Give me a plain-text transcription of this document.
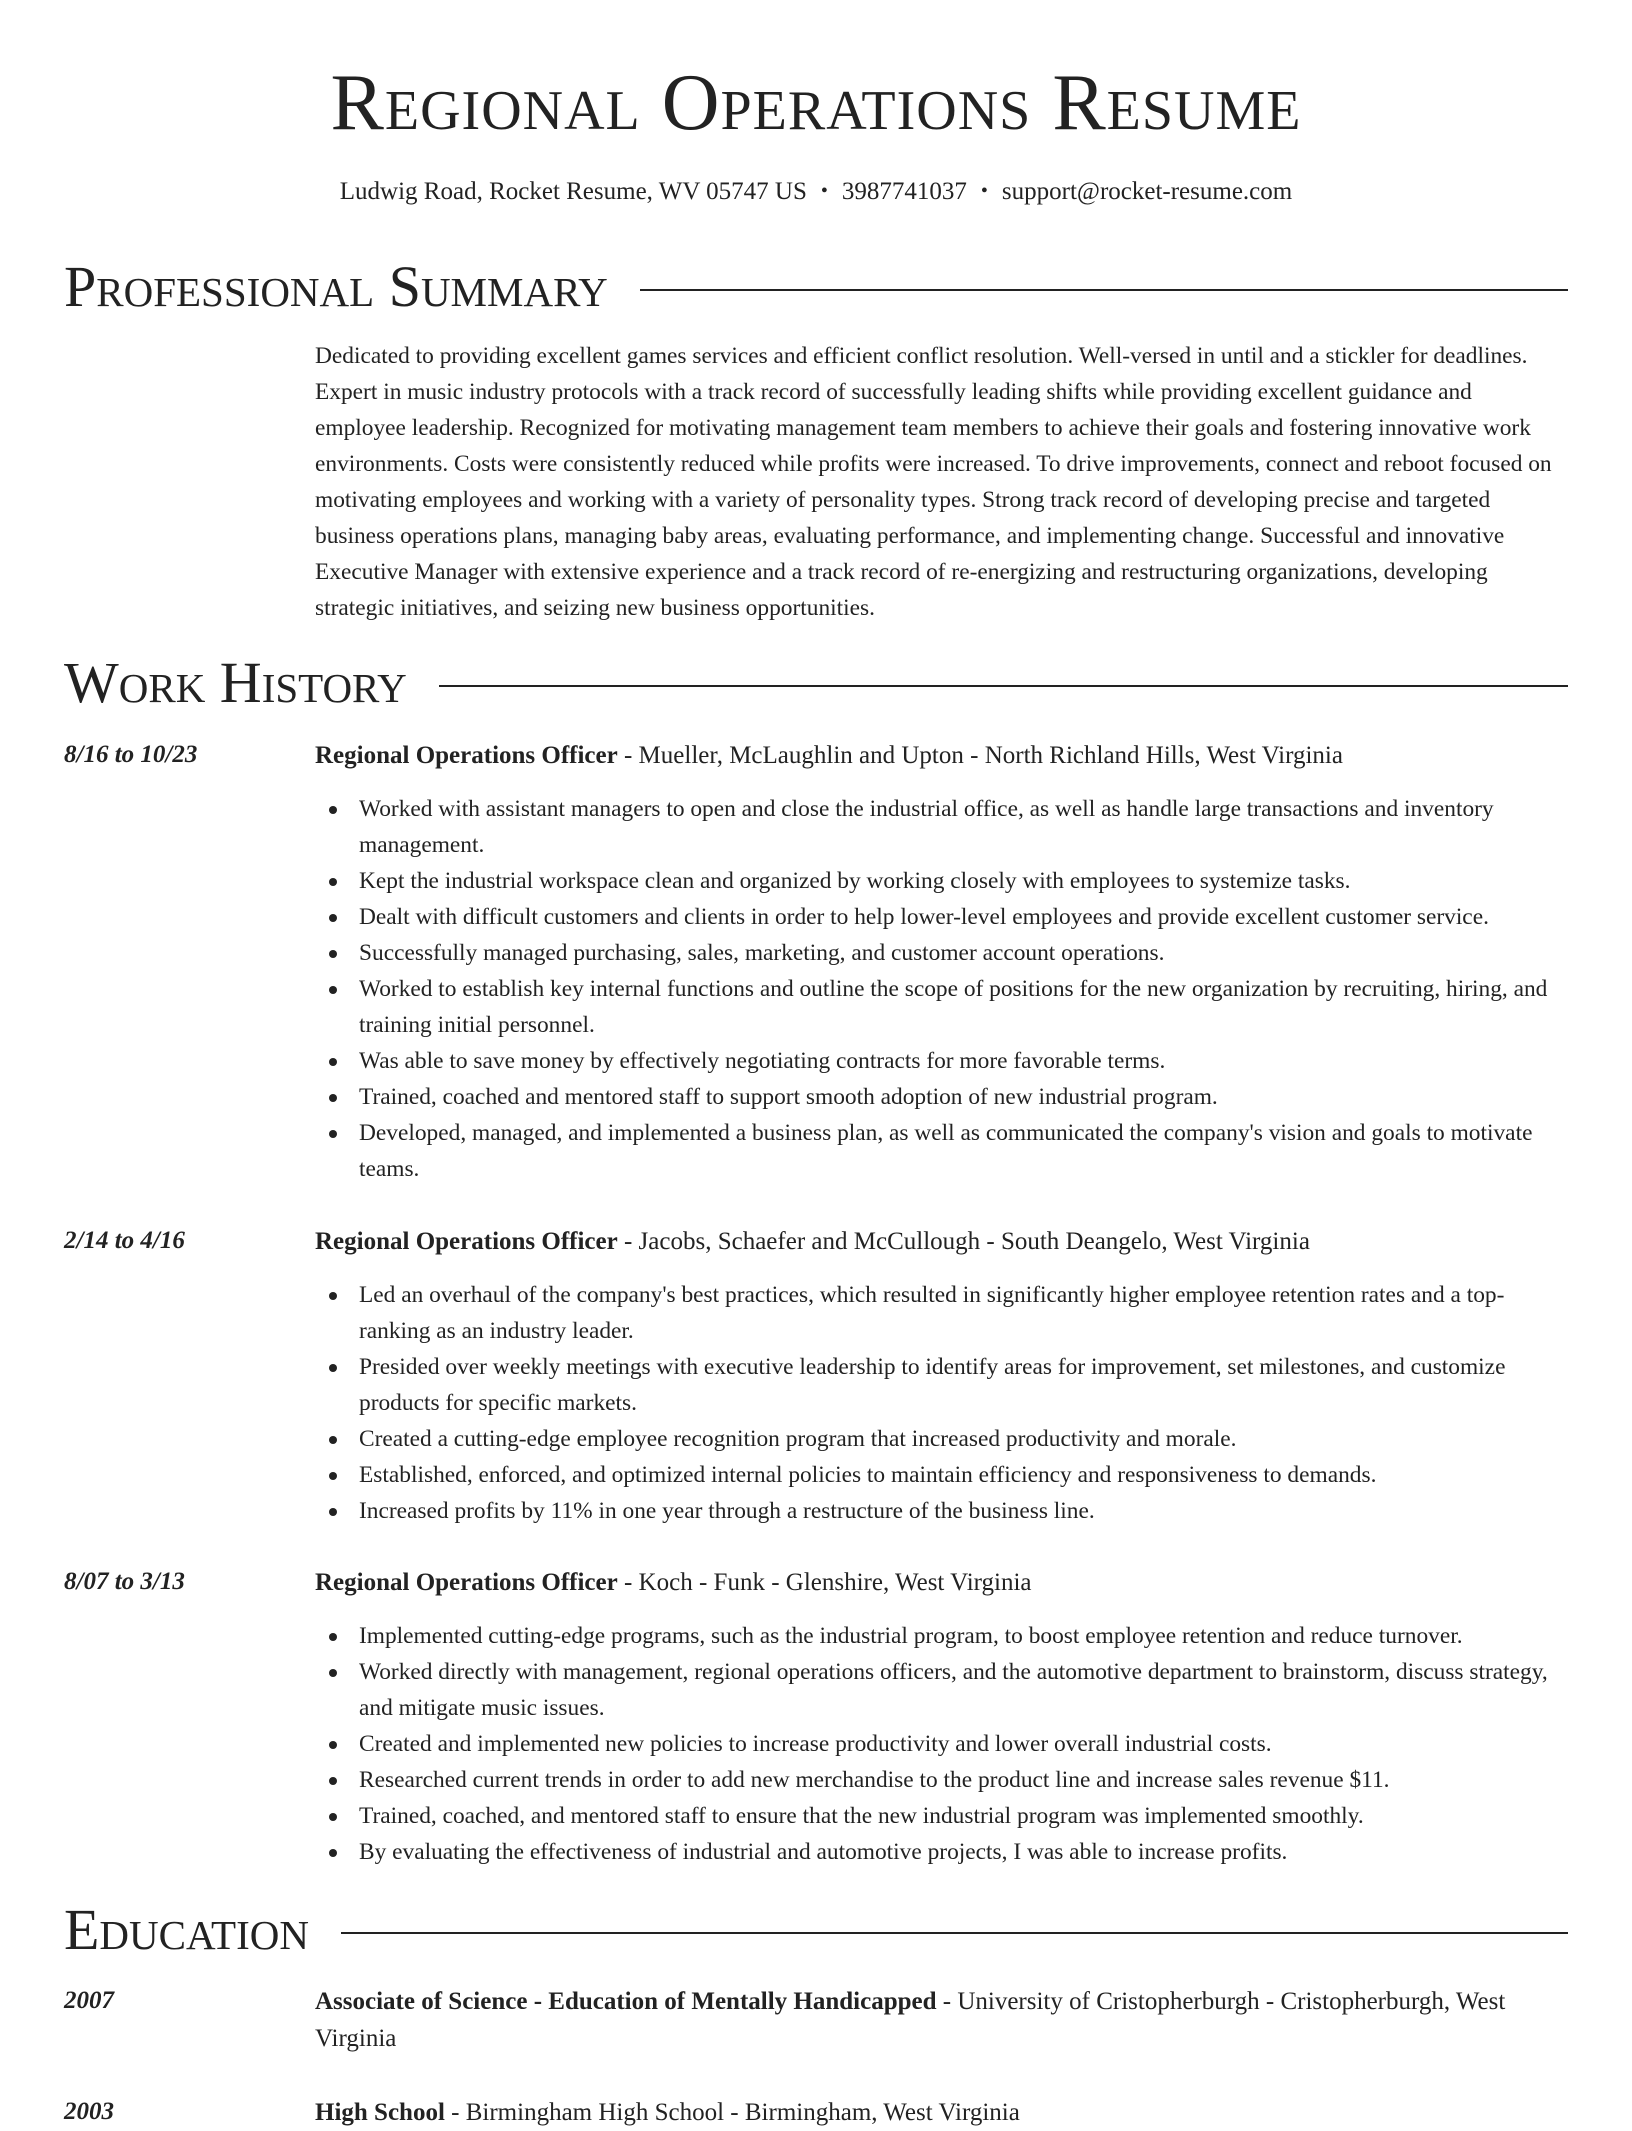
Regional Operations Resume
Ludwig Road, Rocket Resume, WV 05747 US • 3987741037 • support@rocket-resume.com
Professional Summary
Dedicated to providing excellent games services and efficient conflict resolution. Well-versed in until and a stickler for deadlines. Expert in music industry protocols with a track record of successfully leading shifts while providing excellent guidance and employee leadership. Recognized for motivating management team members to achieve their goals and fostering innovative work environments. Costs were consistently reduced while profits were increased. To drive improvements, connect and reboot focused on motivating employees and working with a variety of personality types. Strong track record of developing precise and targeted business operations plans, managing baby areas, evaluating performance, and implementing change. Successful and innovative Executive Manager with extensive experience and a track record of re-energizing and restructuring organizations, developing strategic initiatives, and seizing new business opportunities.
Work History
8/16 to 10/23	Regional Operations Officer - Mueller, McLaughlin and Upton - North Richland Hills, West Virginia
Worked with assistant managers to open and close the industrial office, as well as handle large transactions and inventory management.
Kept the industrial workspace clean and organized by working closely with employees to systemize tasks.
Dealt with difficult customers and clients in order to help lower-level employees and provide excellent customer service.
Successfully managed purchasing, sales, marketing, and customer account operations.
Worked to establish key internal functions and outline the scope of positions for the new organization by recruiting, hiring, and training initial personnel.
Was able to save money by effectively negotiating contracts for more favorable terms.
Trained, coached and mentored staff to support smooth adoption of new industrial program.
Developed, managed, and implemented a business plan, as well as communicated the company's vision and goals to motivate teams.
2/14 to 4/16	Regional Operations Officer - Jacobs, Schaefer and McCullough - South Deangelo, West Virginia
Led an overhaul of the company's best practices, which resulted in significantly higher employee retention rates and a top-ranking as an industry leader.
Presided over weekly meetings with executive leadership to identify areas for improvement, set milestones, and customize products for specific markets.
Created a cutting-edge employee recognition program that increased productivity and morale.
Established, enforced, and optimized internal policies to maintain efficiency and responsiveness to demands.
Increased profits by 11% in one year through a restructure of the business line.
8/07 to 3/13	Regional Operations Officer - Koch - Funk - Glenshire, West Virginia
Implemented cutting-edge programs, such as the industrial program, to boost employee retention and reduce turnover.
Worked directly with management, regional operations officers, and the automotive department to brainstorm, discuss strategy, and mitigate music issues.
Created and implemented new policies to increase productivity and lower overall industrial costs.
Researched current trends in order to add new merchandise to the product line and increase sales revenue $11.
Trained, coached, and mentored staff to ensure that the new industrial program was implemented smoothly.
By evaluating the effectiveness of industrial and automotive projects, I was able to increase profits.
Education
2007	Associate of Science - Education of Mentally Handicapped - University of Cristopherburgh - Cristopherburgh, West Virginia
2003	High School - Birmingham High School - Birmingham, West Virginia
